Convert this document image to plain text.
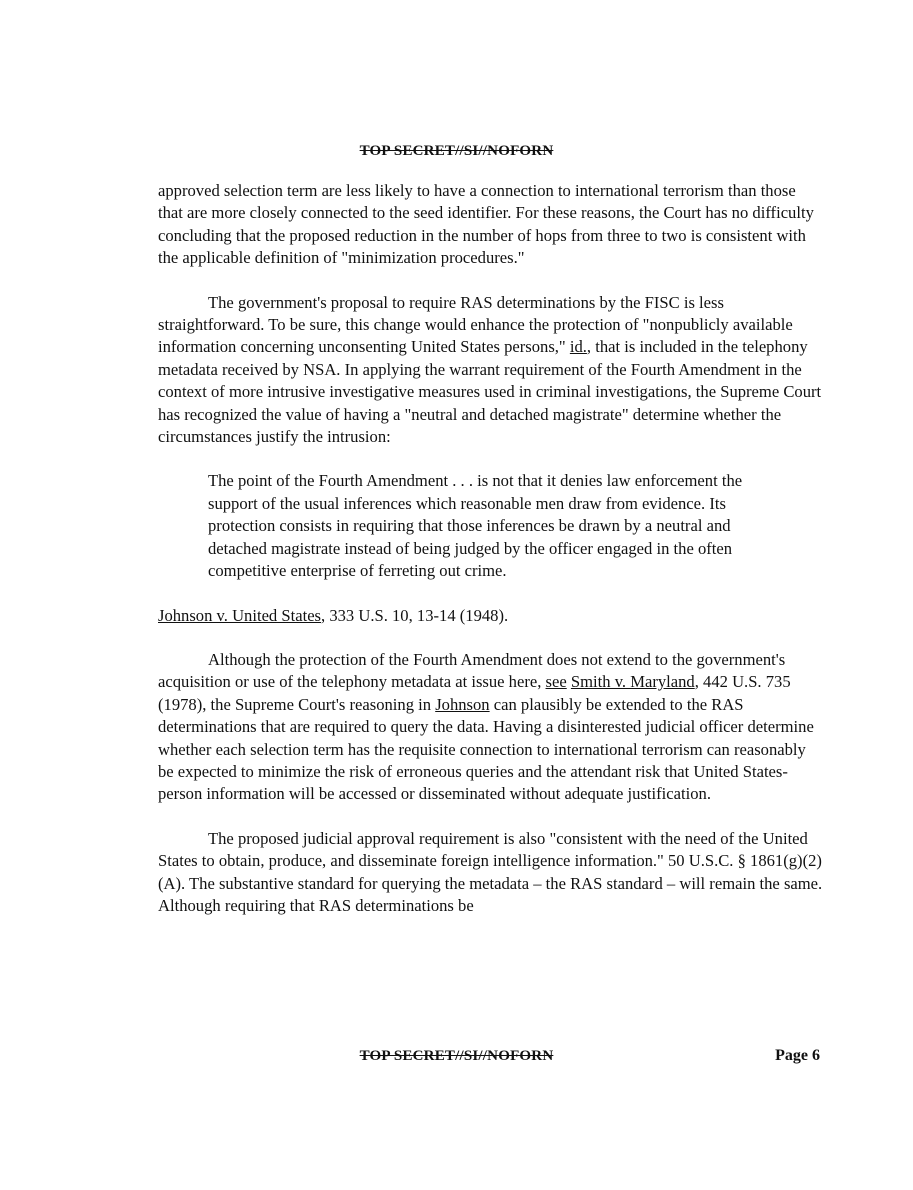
TOP SECRET//SI//NOFORN

approved selection term are less likely to have a connection to international terrorism than those that are more closely connected to the seed identifier. For these reasons, the Court has no difficulty concluding that the proposed reduction in the number of hops from three to two is consistent with the applicable definition of "minimization procedures."

The government's proposal to require RAS determinations by the FISC is less straightforward. To be sure, this change would enhance the protection of "nonpublicly available information concerning unconsenting United States persons," id., that is included in the telephony metadata received by NSA. In applying the warrant requirement of the Fourth Amendment in the context of more intrusive investigative measures used in criminal investigations, the Supreme Court has recognized the value of having a "neutral and detached magistrate" determine whether the circumstances justify the intrusion:

The point of the Fourth Amendment . . . is not that it denies law enforcement the support of the usual inferences which reasonable men draw from evidence. Its protection consists in requiring that those inferences be drawn by a neutral and detached magistrate instead of being judged by the officer engaged in the often competitive enterprise of ferreting out crime.

Johnson v. United States, 333 U.S. 10, 13-14 (1948).

Although the protection of the Fourth Amendment does not extend to the government's acquisition or use of the telephony metadata at issue here, see Smith v. Maryland, 442 U.S. 735 (1978), the Supreme Court's reasoning in Johnson can plausibly be extended to the RAS determinations that are required to query the data. Having a disinterested judicial officer determine whether each selection term has the requisite connection to international terrorism can reasonably be expected to minimize the risk of erroneous queries and the attendant risk that United States-person information will be accessed or disseminated without adequate justification.

The proposed judicial approval requirement is also "consistent with the need of the United States to obtain, produce, and disseminate foreign intelligence information." 50 U.S.C. § 1861(g)(2)(A). The substantive standard for querying the metadata – the RAS standard – will remain the same. Although requiring that RAS determinations be

TOP SECRET//SI//NOFORN	Page 6
